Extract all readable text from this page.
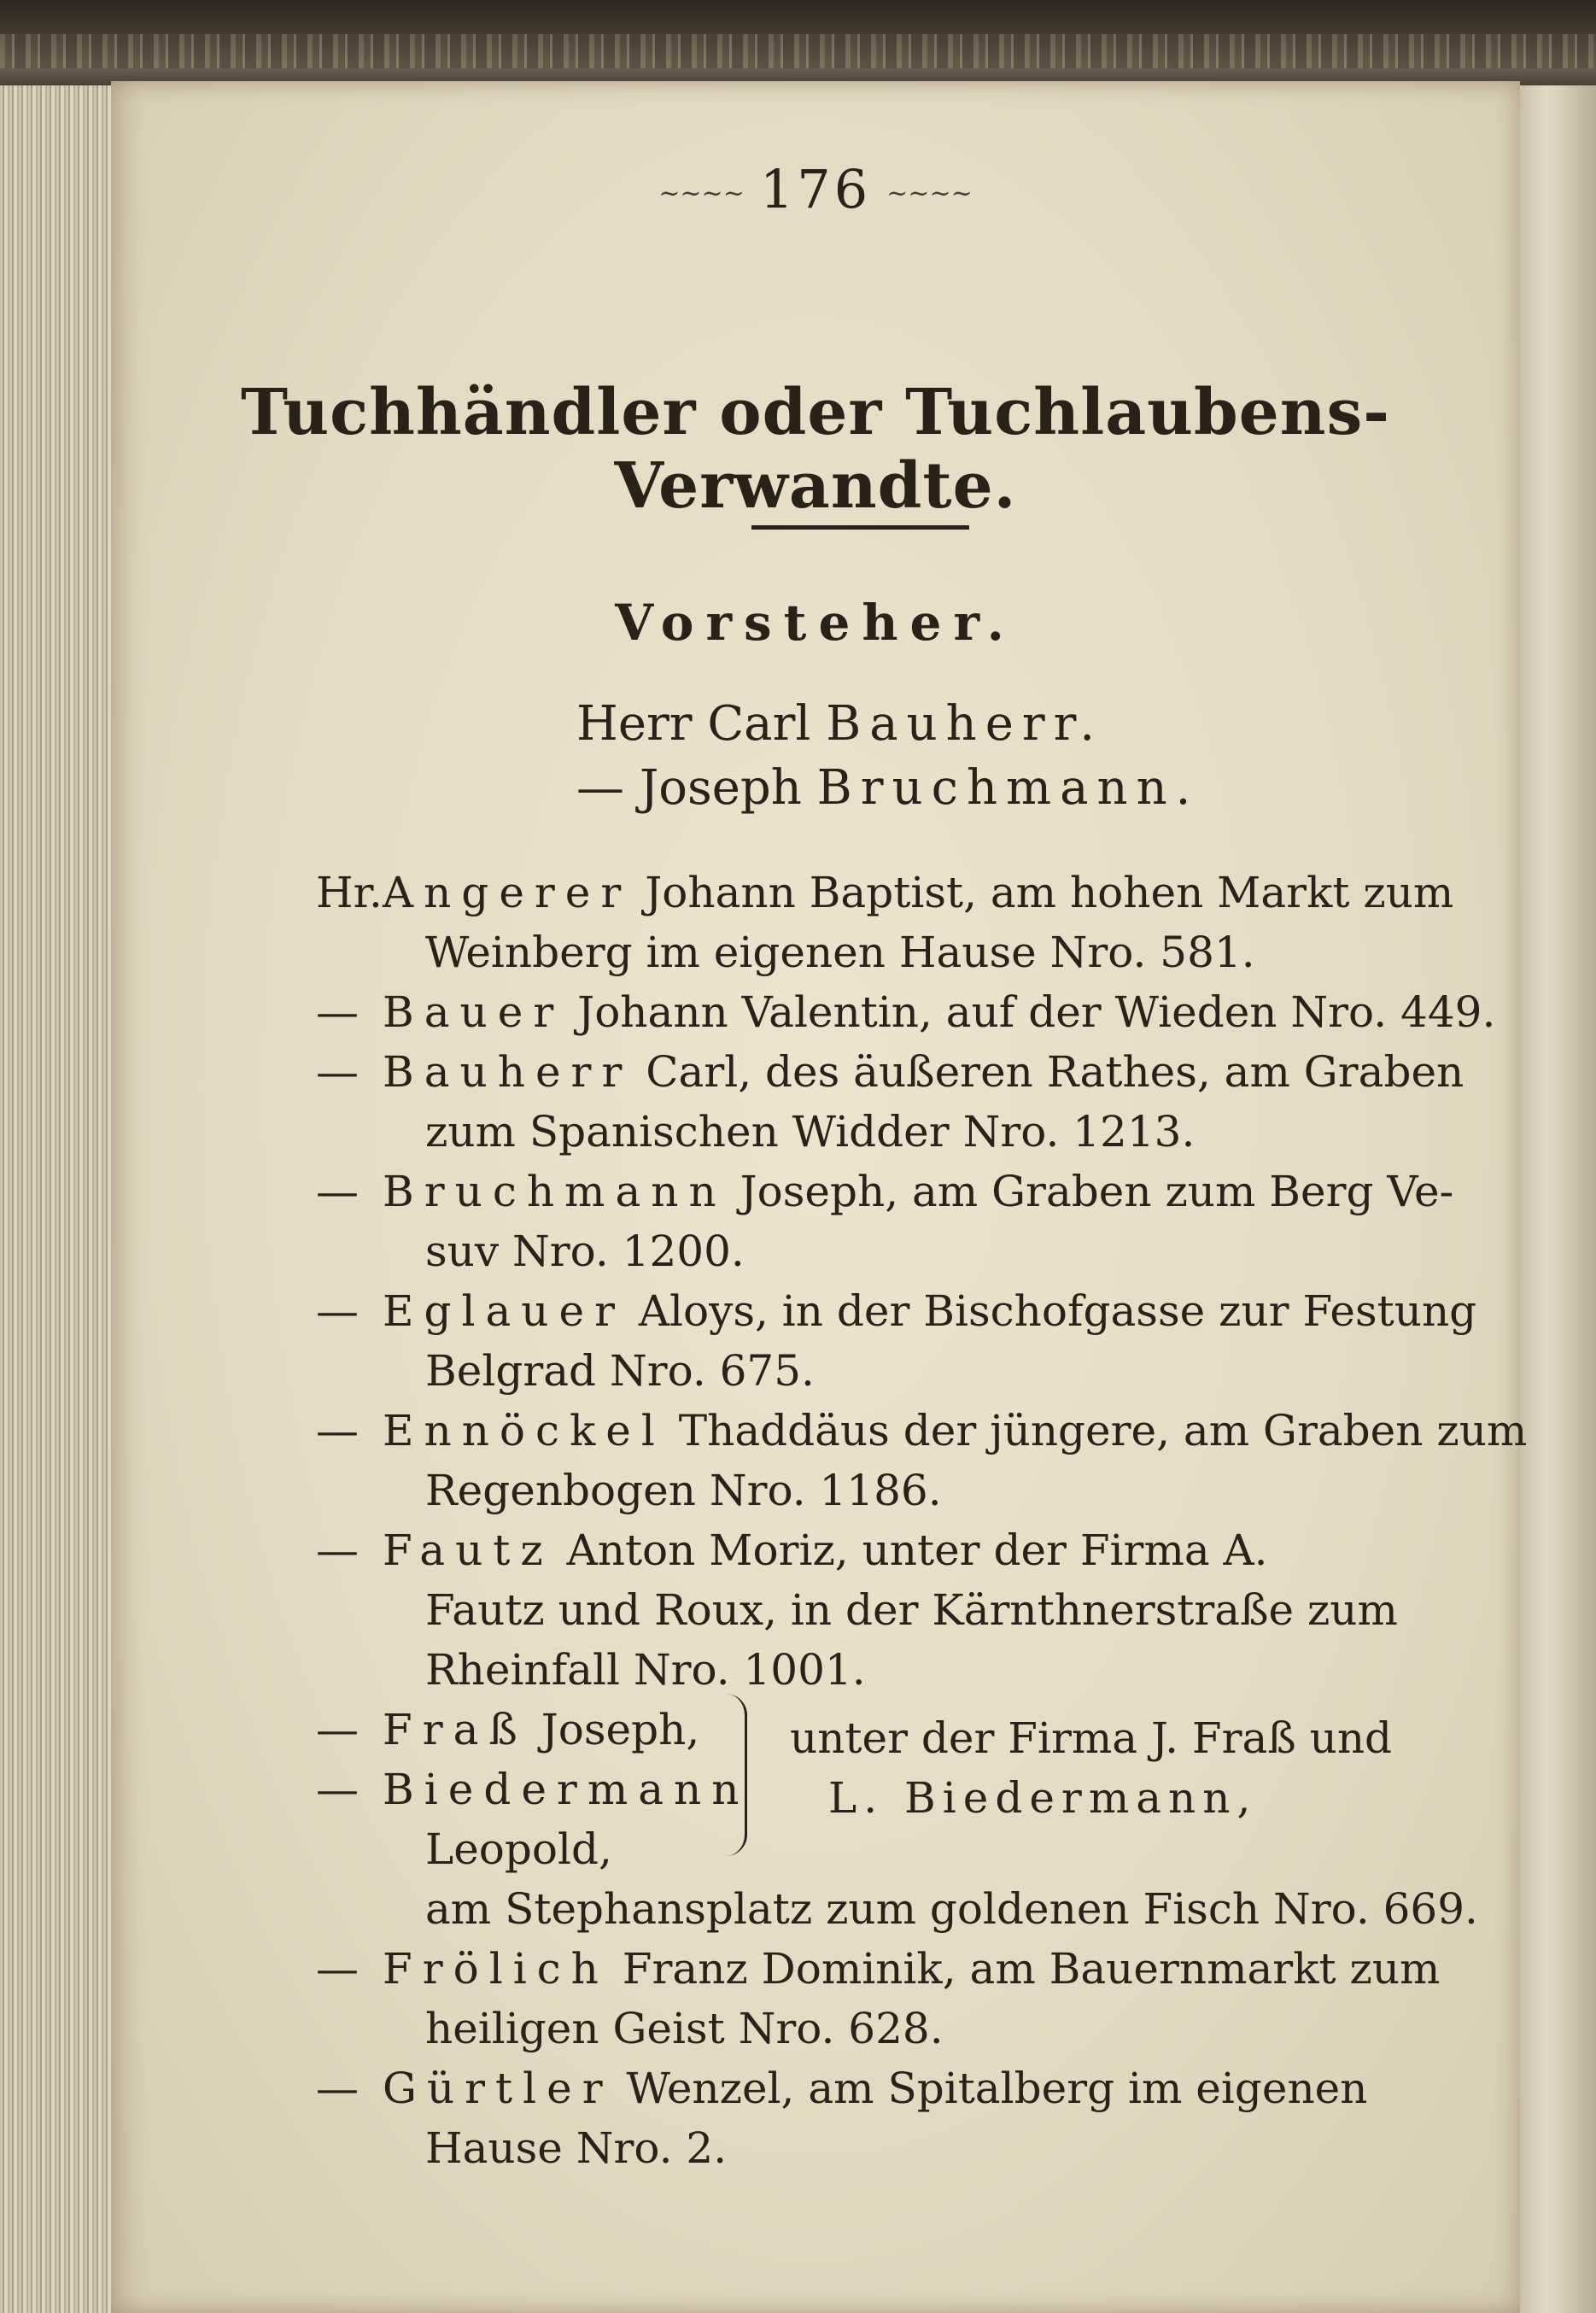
~~~~ 176 ~~~~
Tuchhändler oder Tuchlaubens-Verwandte.
Vorsteher.
Herr Carl Bauherr.
— Joseph Bruchmann.
Hr.Angerer Johann Baptist, am hohen Markt zum
Weinberg im eigenen Hause Nro. 581.
— Bauer Johann Valentin, auf der Wieden Nro. 449.
— Bauherr Carl, des äußeren Rathes, am Graben
zum Spanischen Widder Nro. 1213.
— Bruchmann Joseph, am Graben zum Berg Ve-
suv Nro. 1200.
— Eglauer Aloys, in der Bischofgasse zur Festung
Belgrad Nro. 675.
— Ennöckel Thaddäus der jüngere, am Graben zum
Regenbogen Nro. 1186.
— Fautz Anton Moriz, unter der Firma A.
Fautz und Roux, in der Kärnthnerstraße zum
Rheinfall Nro. 1001.
— Fraß Joseph,
— Biedermann
Leopold,
unter der Firma J. Fraß und
L. Biedermann,
am Stephansplatz zum goldenen Fisch Nro. 669.
— Frölich Franz Dominik, am Bauernmarkt zum
heiligen Geist Nro. 628.
— Gürtler Wenzel, am Spitalberg im eigenen
Hause Nro. 2.
